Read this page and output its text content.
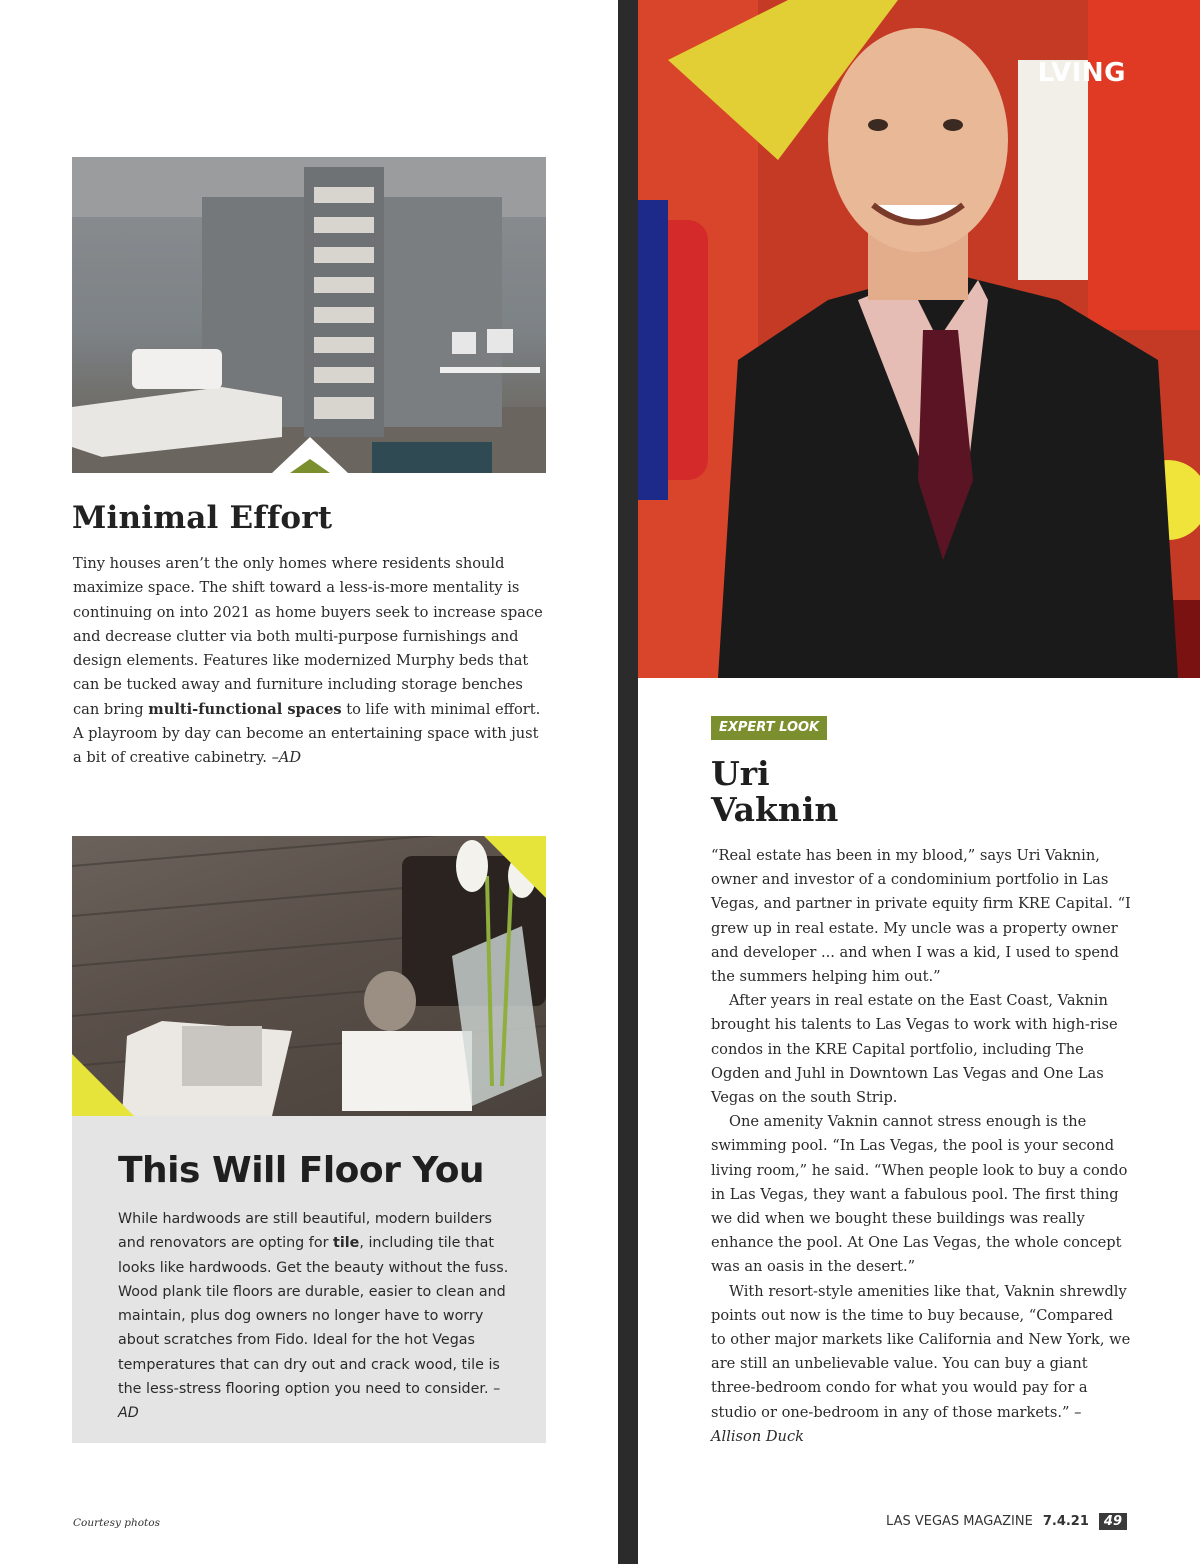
Minimal Effort

Tiny houses aren’t the only homes where residents should maximize space. The shift toward a less-is-more mentality is continuing on into 2021 as home buyers seek to increase space and decrease clutter via both multi-purpose furnishings and design elements. Features like modernized Murphy beds that can be tucked away and furniture including storage benches can bring multi-functional spaces to life with minimal effort. A playroom by day can become an entertaining space with just a bit of creative cabinetry. –AD

This Will Floor You

While hardwoods are still beautiful, modern builders and renovators are opting for tile, including tile that looks like hardwoods. Get the beauty without the fuss. Wood plank tile floors are durable, easier to clean and maintain, plus dog owners no longer have to worry about scratches from Fido. Ideal for the hot Vegas temperatures that can dry out and crack wood, tile is the less-stress flooring option you need to consider. –AD

Courtesy photos
LVING
EXPERT LOOK
Uri
Vaknin

“Real estate has been in my blood,” says Uri Vaknin, owner and investor of a condominium portfolio in Las Vegas, and partner in private equity firm KRE Capital. “I grew up in real estate. My uncle was a property owner and developer ... and when I was a kid, I used to spend the summers helping him out.”

After years in real estate on the East Coast, Vaknin brought his talents to Las Vegas to work with high-rise condos in the KRE Capital portfolio, including The Ogden and Juhl in Downtown Las Vegas and One Las Vegas on the south Strip.

One amenity Vaknin cannot stress enough is the swimming pool. “In Las Vegas, the pool is your second living room,” he said. “When people look to buy a condo in Las Vegas, they want a fabulous pool. The first thing we did when we bought these buildings was really enhance the pool. At One Las Vegas, the whole concept was an oasis in the desert.”

With resort-style amenities like that, Vaknin shrewdly points out now is the time to buy because, “Compared to other major markets like California and New York, we are still an unbelievable value. You can buy a giant three-bedroom condo for what you would pay for a studio or one-bedroom in any of those markets.” –Allison Duck

LAS VEGAS MAGAZINE 7.4.21	49
